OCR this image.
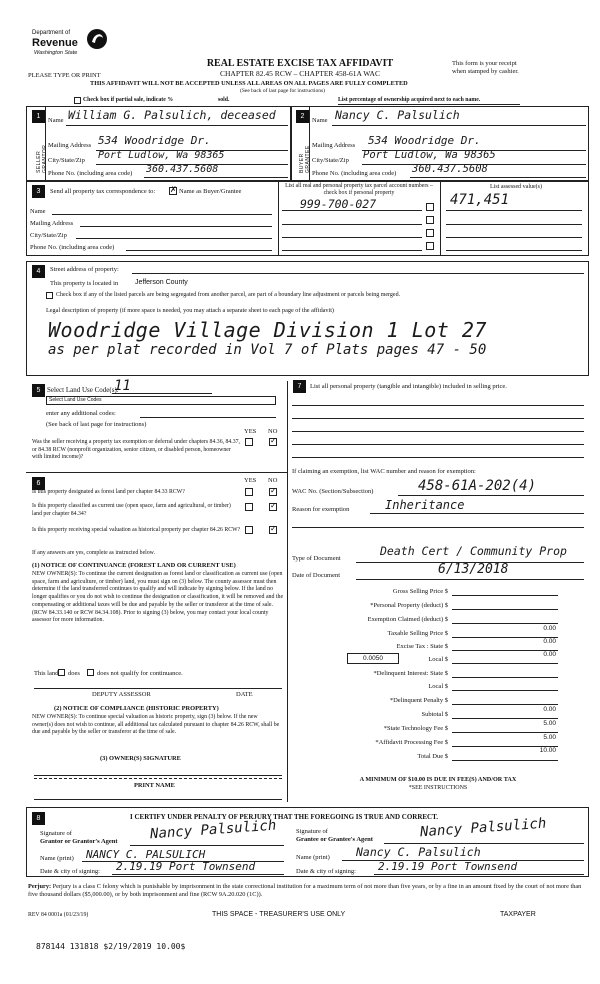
Department of
Revenue
Washington State
REAL ESTATE EXCISE TAX AFFIDAVIT
CHAPTER 82.45 RCW – CHAPTER 458-61A WAC
PLEASE TYPE OR PRINT
This form is your receipt
when stamped by cashier.
THIS AFFIDAVIT WILL NOT BE ACCEPTED UNLESS ALL AREAS ON ALL PAGES ARE FULLY COMPLETED
(See back of last page for instructions)
Check box if partial sale, indicate %	sold.	List percentage of ownership acquired next to each name.
1	2
SELLER GRANTOR	BUYER GRANTEE
Name William G. Palsulich, deceased
Mailing Address 534 Woodridge Dr.
City/State/Zip Port Ludlow, Wa 98365
Phone No. (including area code) 360.437.5608
Name Nancy C. Palsulich
Mailing Address 534 Woodridge Dr.
City/State/Zip Port Ludlow, Wa 98365
Phone No. (including area code) 360.437.5608
3	Send all property tax correspondence to:
✗	Name as Buyer/Grantee
Name
Mailing Address
City/State/Zip
Phone No. (including area code)
List all real and personal property tax parcel account numbers – check box if personal property
List assessed value(s)
999-700-027	471,451
4	Street address of property:
This property is located in Jefferson County
Check box if any of the listed parcels are being segregated from another parcel, are part of a boundary line adjustment or parcels being merged.
Legal description of property (if more space is needed, you may attach a separate sheet to each page of the affidavit)
Woodridge Village Division 1 Lot 27
as per plat recorded in Vol 7 of Plats pages 47 - 50
5 Select Land Use Code(s):
11
Select Land Use Codes
enter any additional codes:
(See back of last page for instructions)
YES NO
Was the seller receiving a property tax exemption or deferral under chapters 84.36, 84.37, or 84.38 RCW (nonprofit organization, senior citizen, or disabled person, homeowner with limited income)?
✓
6	YES NO
Is this property designated as forest land per chapter 84.33 RCW?
✓
Is this property classified as current use (open space, farm and agricultural, or timber) land per chapter 84.34?
✓
Is this property receiving special valuation as historical property per chapter 84.26 RCW?
✓
If any answers are yes, complete as instructed below.
(1) NOTICE OF CONTINUANCE (FOREST LAND OR CURRENT USE)
NEW OWNER(S): To continue the current designation as forest land or classification as current use (open space, farm and agriculture, or timber) land, you must sign on (3) below. The county assessor must then determine if the land transferred continues to qualify and will indicate by signing below. If the land no longer qualifies or you do not wish to continue the designation or classification, it will be removed and the compensating or additional taxes will be due and payable by the seller or transferor at the time of sale. (RCW 84.33.140 or RCW 84.34.108). Prior to signing (3) below, you may contact your local county assessor for more information.
This land does	does not qualify for continuance.
DEPUTY ASSESSOR	DATE
(2) NOTICE OF COMPLIANCE (HISTORIC PROPERTY)
NEW OWNER(S): To continue special valuation as historic property, sign (3) below. If the new owner(s) does not wish to continue, all additional tax calculated pursuant to chapter 84.26 RCW, shall be due and payable by the seller or transferor at the time of sale.
(3) OWNER(S) SIGNATURE
PRINT NAME
7	List all personal property (tangible and intangible) included in selling price.
If claiming an exemption, list WAC number and reason for exemption:
WAC No. (Section/Subsection)	458-61A-202(4)
Reason for exemption	Inheritance
Type of Document
Death Cert / Community Prop
Date of Document	6/13/2018
Gross Selling Price $
*Personal Property (deduct) $
Exemption Claimed (deduct) $
Taxable Selling Price $
0.00
Excise Tax : State $
0.00
0.0050	Local $
0.00
*Delinquent Interest: State $
Local $
*Delinquent Penalty $
Subtotal $
0.00
*State Technology Fee $
5.00
*Affidavit Processing Fee $
5.00
Total Due $
10.00
A MINIMUM OF $10.00 IS DUE IN FEE(S) AND/OR TAX
*SEE INSTRUCTIONS
8	I CERTIFY UNDER PENALTY OF PERJURY THAT THE FOREGOING IS TRUE AND CORRECT.
Signature of
Grantor or Grantor's Agent Nancy Palsulich
Name (print) NANCY C. PALSULICH
Date & city of signing: 2.19.19 Port Townsend
Signature of
Grantee or Grantee's Agent	Nancy Palsulich
Name (print) Nancy C. Palsulich
Date & city of signing: 2.19.19 Port Townsend
Perjury: Perjury is a class C felony which is punishable by imprisonment in the state correctional institution for a maximum term of not more than five years, or by a fine in an amount fixed by the court of not more than five thousand dollars ($5,000.00), or by both imprisonment and fine (RCW 9A.20.020 (1C)).
REV 84 0001a (01/23/19)	THIS SPACE - TREASURER'S USE ONLY	TAXPAYER
878144 131818 $2/19/2019 10.00$
